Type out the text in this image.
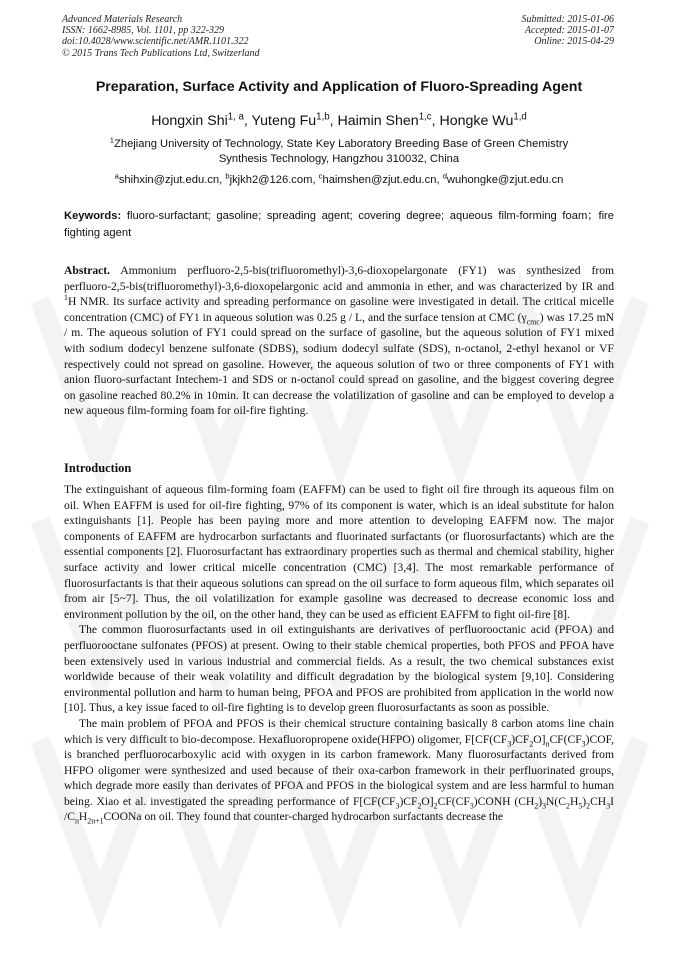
Advanced Materials Research
ISSN: 1662-8985, Vol. 1101, pp 322-329
doi:10.4028/www.scientific.net/AMR.1101.322
© 2015 Trans Tech Publications Ltd, Switzerland
Submitted: 2015-01-06
Accepted: 2015-01-07
Online: 2015-04-29
Preparation, Surface Activity and Application of Fluoro-Spreading Agent
Hongxin Shi$^{1, a}$, Yuteng Fu$^{1,b}$, Haimin Shen$^{1,c}$, Hongke Wu$^{1,d}$
$^1$Zhejiang University of Technology, State Key Laboratory Breeding Base of Green Chemistry
Synthesis Technology, Hangzhou 310032, China
$^a$shihxin@zjut.edu.cn, $^b$jkjkh2@126.com, $^c$haimshen@zjut.edu.cn, $^d$wuhongke@zjut.edu.cn
Keywords: fluoro-surfactant; gasoline; spreading agent; covering degree; aqueous film-forming foam；fire fighting agent
Abstract. Ammonium perfluoro-2,5-bis(trifluoromethyl)-3,6-dioxopelargonate (FY1) was synthesized from perfluoro-2,5-bis(trifluoromethyl)-3,6-dioxopelargonic acid and ammonia in ether, and was characterized by IR and $^1$H NMR. Its surface activity and spreading performance on gasoline were investigated in detail. The critical micelle concentration (CMC) of FY1 in aqueous solution was 0.25 g / L, and the surface tension at CMC $(\gamma_{cmc})$ was 17.25 mN / m. The aqueous solution of FY1 could spread on the surface of gasoline, but the aqueous solution of FY1 mixed with sodium dodecyl benzene sulfonate (SDBS), sodium dodecyl sulfate (SDS), n-octanol, 2-ethyl hexanol or VF respectively could not spread on gasoline. However, the aqueous solution of two or three components of FY1 with anion fluoro-surfactant Intechem-1 and SDS or n-octanol could spread on gasoline, and the biggest covering degree on gasoline reached 80.2% in 10min. It can decrease the volatilization of gasoline and can be employed to develop a new aqueous film-forming foam for oil-fire fighting.
Introduction

The extinguishant of aqueous film-forming foam (EAFFM) can be used to fight oil fire through its aqueous film on oil. When EAFFM is used for oil-fire fighting, 97% of its component is water, which is an ideal substitute for halon extinguishants [1]. People has been paying more and more attention to developing EAFFM now. The major components of EAFFM are hydrocarbon surfactants and fluorinated surfactants (or fluorosurfactants) which are the essential components [2]. Fluorosurfactant has extraordinary properties such as thermal and chemical stability, higher surface activity and lower critical micelle concentration (CMC) [3,4]. The most remarkable performance of fluorosurfactants is that their aqueous solutions can spread on the oil surface to form aqueous film, which separates oil from air [5~7]. Thus, the oil volatilization for example gasoline was decreased to decrease economic loss and environment pollution by the oil, on the other hand, they can be used as efficient EAFFM to fight oil-fire [8].

The common fluorosurfactants used in oil extinguishants are derivatives of perfluorooctanic acid (PFOA) and perfluorooctane sulfonates (PFOS) at present. Owing to their stable chemical properties, both PFOS and PFOA have been extensively used in various industrial and commercial fields. As a result, the two chemical substances exist worldwide because of their weak volatility and difficult degradation by the biological system [9,10]. Considering environmental pollution and harm to human being, PFOA and PFOS are prohibited from application in the world now [10]. Thus, a key issue faced to oil-fire fighting is to develop green fluorosurfactants as soon as possible.

The main problem of PFOA and PFOS is their chemical structure containing basically 8 carbon atoms line chain which is very difficult to bio-decompose. Hexafluoropropene oxide(HFPO) oligomer, $F[CF(CF_3)CF_2O]_nCF(CF_3)COF$, is branched perfluorocarboxylic acid with oxygen in its carbon framework. Many fluorosurfactants derived from HFPO oligomer were synthesized and used because of their oxa-carbon framework in their perfluorinated groups, which degrade more easily than derivates of PFOA and PFOS in the biological system and are less harmful to human being. Xiao et al. investigated the spreading performance of $F[CF(CF_3)CF_2O]_2CF(CF_3)CONH$ $(CH_2)_3N(C_2H_5)_2CH_3I$ $/C_nH_{2n+1}COONa$ on oil. They found that counter-charged hydrocarbon surfactants decrease the
